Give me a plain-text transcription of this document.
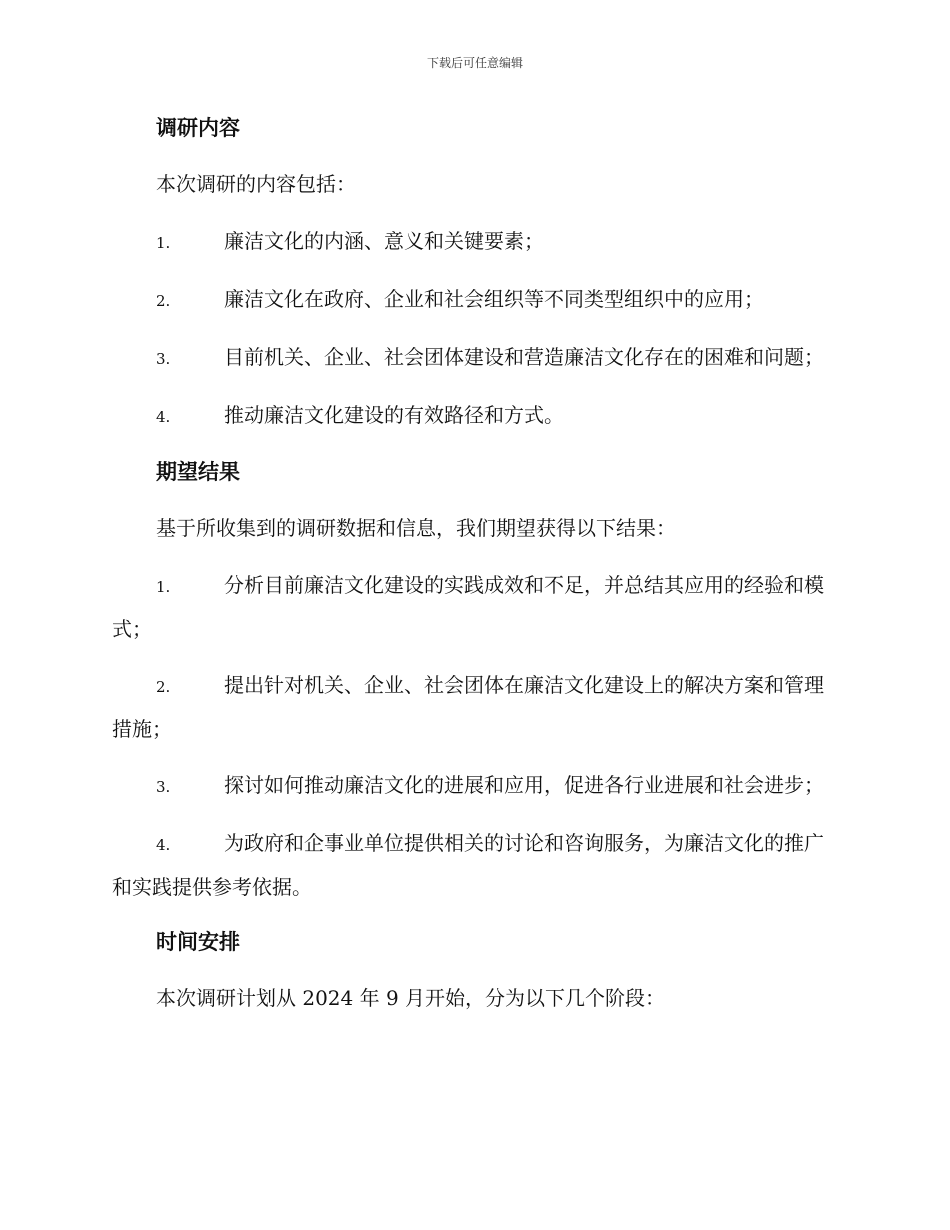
下载后可任意编辑
调研内容
本次调研的内容包括：
1.	廉洁文化的内涵、意义和关键要素；
2.	廉洁文化在政府、企业和社会组织等不同类型组织中的应用；
3.	目前机关、企业、社会团体建设和营造廉洁文化存在的困难和问题；
4.	推动廉洁文化建设的有效路径和方式。
期望结果
基于所收集到的调研数据和信息，我们期望获得以下结果：
1.	分析目前廉洁文化建设的实践成效和不足，并总结其应用的经验和模式；
2.	提出针对机关、企业、社会团体在廉洁文化建设上的解决方案和管理措施；
3.	探讨如何推动廉洁文化的进展和应用，促进各行业进展和社会进步；
4.	为政府和企事业单位提供相关的讨论和咨询服务，为廉洁文化的推广和实践提供参考依据。
时间安排
本次调研计划从 2024 年 9 月开始，分为以下几个阶段：
